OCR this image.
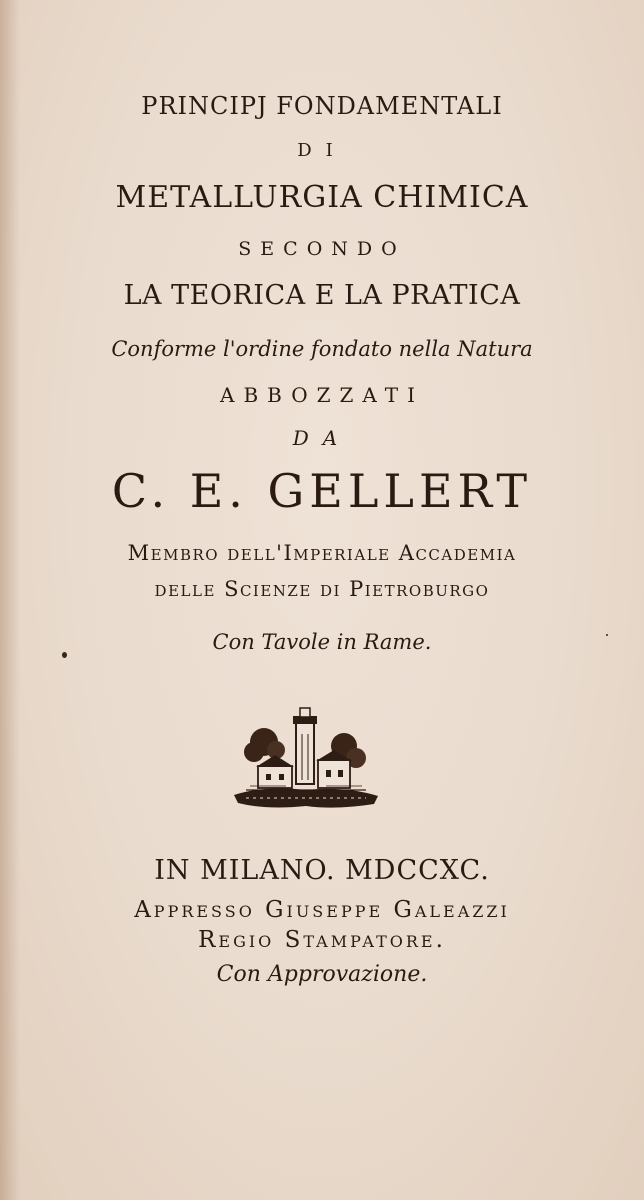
PRINCIPJ FONDAMENTALI
DI
METALLURGIA CHIMICA
SECONDO
LA TEORICA E LA PRATICA
Conforme l'ordine fondato nella Natura
ABBOZZATI
DA
C. E. GELLERT
Membro dell'Imperiale Accademia
delle Scienze di Pietroburgo
Con Tavole in Rame.
IN MILANO. MDCCXC.
Appresso Giuseppe Galeazzi
Regio Stampatore.
Con Approvazione.
